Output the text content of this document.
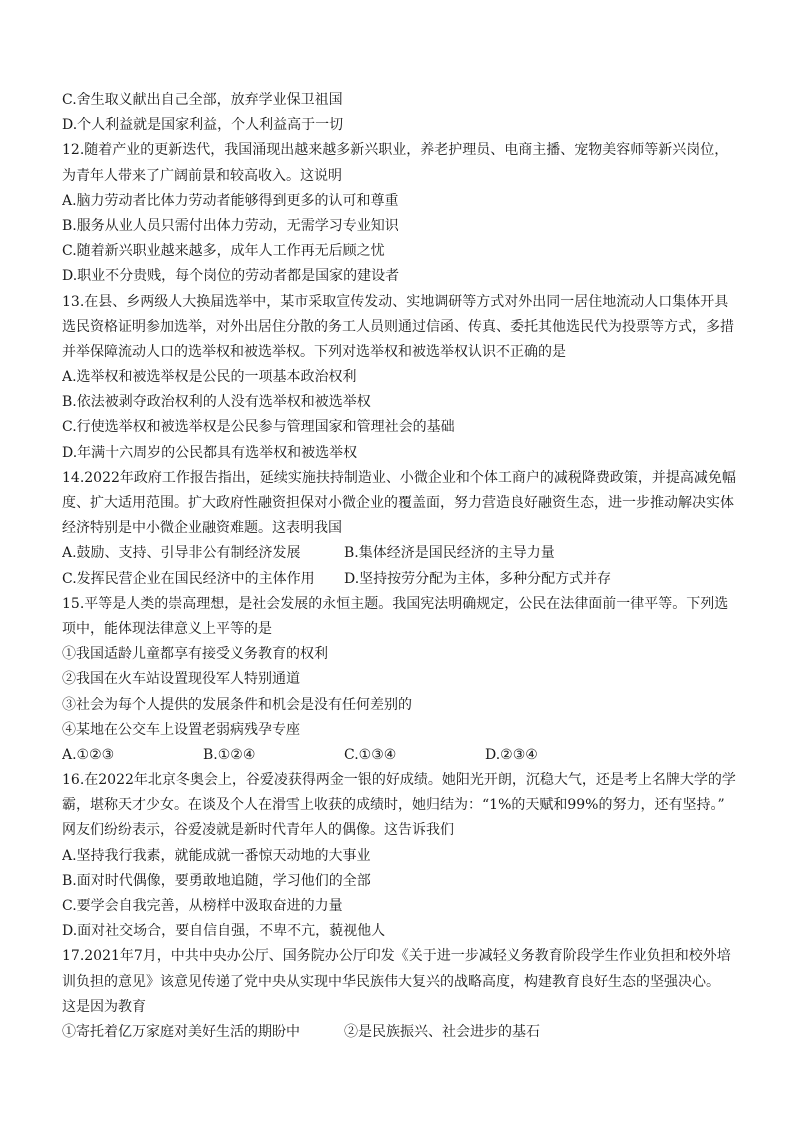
C.舍生取义献出自己全部，放弃学业保卫祖国
D.个人利益就是国家利益，个人利益高于一切
12.随着产业的更新迭代，我国涌现出越来越多新兴职业，养老护理员、电商主播、宠物美容师等新兴岗位，
为青年人带来了广阔前景和较高收入。这说明
A.脑力劳动者比体力劳动者能够得到更多的认可和尊重
B.服务从业人员只需付出体力劳动，无需学习专业知识
C.随着新兴职业越来越多，成年人工作再无后顾之忧
D.职业不分贵贱，每个岗位的劳动者都是国家的建设者
13.在县、乡两级人大换届选举中，某市采取宣传发动、实地调研等方式对外出同一居住地流动人口集体开具
选民资格证明参加选举，对外出居住分散的务工人员则通过信函、传真、委托其他选民代为投票等方式，多措
并举保障流动人口的选举权和被选举权。下列对选举权和被选举权认识不正确的是
A.选举权和被选举权是公民的一项基本政治权利
B.依法被剥夺政治权利的人没有选举权和被选举权
C.行使选举权和被选举权是公民参与管理国家和管理社会的基础
D.年满十六周岁的公民都具有选举权和被选举权
14.2022年政府工作报告指出，延续实施扶持制造业、小微企业和个体工商户的减税降费政策，并提高减免幅
度、扩大适用范围。扩大政府性融资担保对小微企业的覆盖面，努力营造良好融资生态，进一步推动解决实体
经济特别是中小微企业融资难题。这表明我国
A.鼓励、支持、引导非公有制经济发展	B.集体经济是国民经济的主导力量
C.发挥民营企业在国民经济中的主体作用	D.坚持按劳分配为主体，多种分配方式并存
15.平等是人类的崇高理想，是社会发展的永恒主题。我国宪法明确规定，公民在法律面前一律平等。下列选
项中，能体现法律意义上平等的是
①我国适龄儿童都享有接受义务教育的权利
②我国在火车站设置现役军人特别通道
③社会为每个人提供的发展条件和机会是没有任何差别的
④某地在公交车上设置老弱病残孕专座
A.①②③	B.①②④	C.①③④	D.②③④
16.在2022年北京冬奥会上，谷爱凌获得两金一银的好成绩。她阳光开朗，沉稳大气，还是考上名牌大学的学
霸，堪称天才少女。在谈及个人在滑雪上收获的成绩时，她归结为：“1%的天赋和99%的努力，还有坚持。”
网友们纷纷表示，谷爱凌就是新时代青年人的偶像。这告诉我们
A.坚持我行我素，就能成就一番惊天动地的大事业
B.面对时代偶像，要勇敢地追随，学习他们的全部
C.要学会自我完善，从榜样中汲取奋进的力量
D.面对社交场合，要自信自强，不卑不亢，藐视他人
17.2021年7月，中共中央办公厅、国务院办公厅印发《关于进一步减轻义务教育阶段学生作业负担和校外培
训负担的意见》该意见传递了党中央从实现中华民族伟大复兴的战略高度，构建教育良好生态的坚强决心。
这是因为教育
①寄托着亿万家庭对美好生活的期盼中	②是民族振兴、社会进步的基石
